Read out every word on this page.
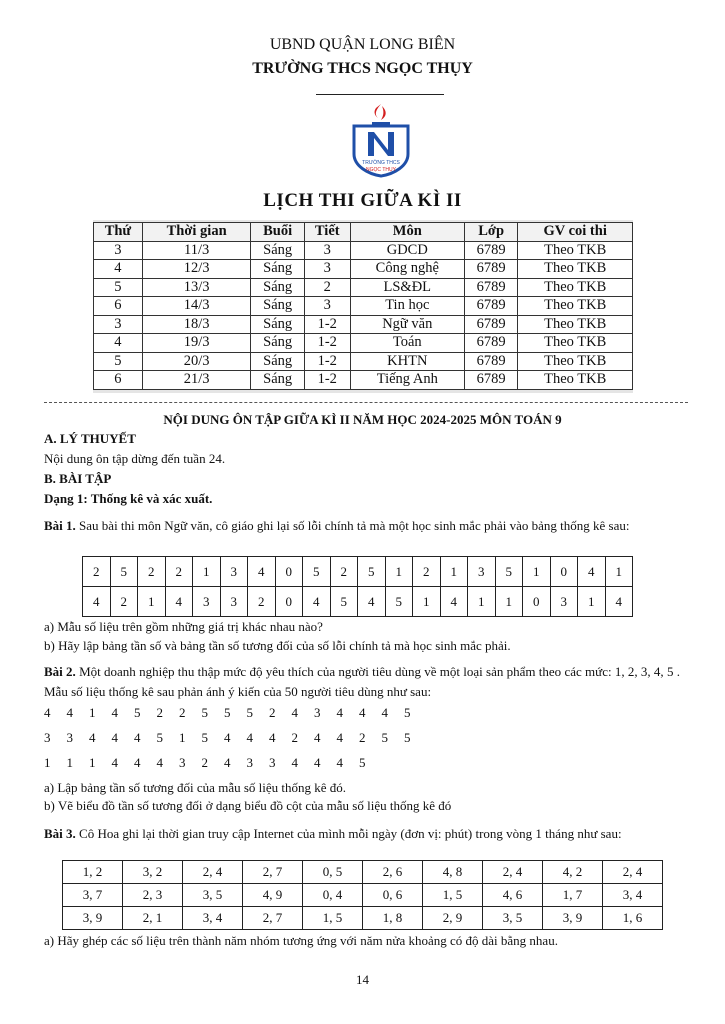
UBND QUẬN LONG BIÊN
TRƯỜNG THCS NGỌC THỤY
TRƯỜNG THCS
NGỌC THỤY
LỊCH THI GIỮA KÌ II
Thứ	Thời gian	Buổi	Tiết	Môn	Lớp	GV coi thi
3	11/3	Sáng	3	GDCD	6789	Theo TKB
4	12/3	Sáng	3	Công nghệ	6789	Theo TKB
5	13/3	Sáng	2	LS&ĐL	6789	Theo TKB
6	14/3	Sáng	3	Tin học	6789	Theo TKB
3	18/3	Sáng	1-2	Ngữ văn	6789	Theo TKB
4	19/3	Sáng	1-2	Toán	6789	Theo TKB
5	20/3	Sáng	1-2	KHTN	6789	Theo TKB
6	21/3	Sáng	1-2	Tiếng Anh	6789	Theo TKB
NỘI DUNG ÔN TẬP GIỮA KÌ II NĂM HỌC 2024-2025 MÔN TOÁN 9
A. LÝ THUYẾT
Nội dung ôn tập dừng đến tuần 24.
B. BÀI TẬP
Dạng 1: Thống kê và xác xuất.
Bài 1. Sau bài thi môn Ngữ văn, cô giáo ghi lại số lỗi chính tả mà một học sinh mắc phải vào bảng thống kê sau:
2	5	2	2	1	3	4	0	5	2	5	1	2	1	3	5	1	0	4	1
4	2	1	4	3	3	2	0	4	5	4	5	1	4	1	1	0	3	1	4
a) Mẫu số liệu trên gồm những giá trị khác nhau nào?
b) Hãy lập bảng tần số và bảng tần số tương đối của số lỗi chính tả mà học sinh mắc phải.
Bài 2. Một doanh nghiệp thu thập mức độ yêu thích của người tiêu dùng về một loại sản phẩm theo các mức: 1, 2, 3, 4, 5 . Mẫu số liệu thống kê sau phản ánh ý kiến của 50 người tiêu dùng như sau:
4 4 1 4 5 2 2 5 5 5 2 4 3 4 4 4 5
3 3 4 4 4 5 1 5 4 4 4 2 4 4 2 5 5
1 1 1 4 4 4 3 2 4 3 3 4 4 4 5
a) Lập bảng tần số tương đối của mẫu số liệu thống kê đó.
b) Vẽ biểu đồ tần số tương đối ở dạng biểu đồ cột của mẫu số liệu thống kê đó
Bài 3. Cô Hoa ghi lại thời gian truy cập Internet của mình mỗi ngày (đơn vị: phút) trong vòng 1 tháng như sau:
1, 2	3, 2	2, 4	2, 7	0, 5	2, 6	4, 8	2, 4	4, 2	2, 4
3, 7	2, 3	3, 5	4, 9	0, 4	0, 6	1, 5	4, 6	1, 7	3, 4
3, 9	2, 1	3, 4	2, 7	1, 5	1, 8	2, 9	3, 5	3, 9	1, 6
a) Hãy ghép các số liệu trên thành năm nhóm tương ứng với năm nửa khoảng có độ dài bằng nhau.
14
